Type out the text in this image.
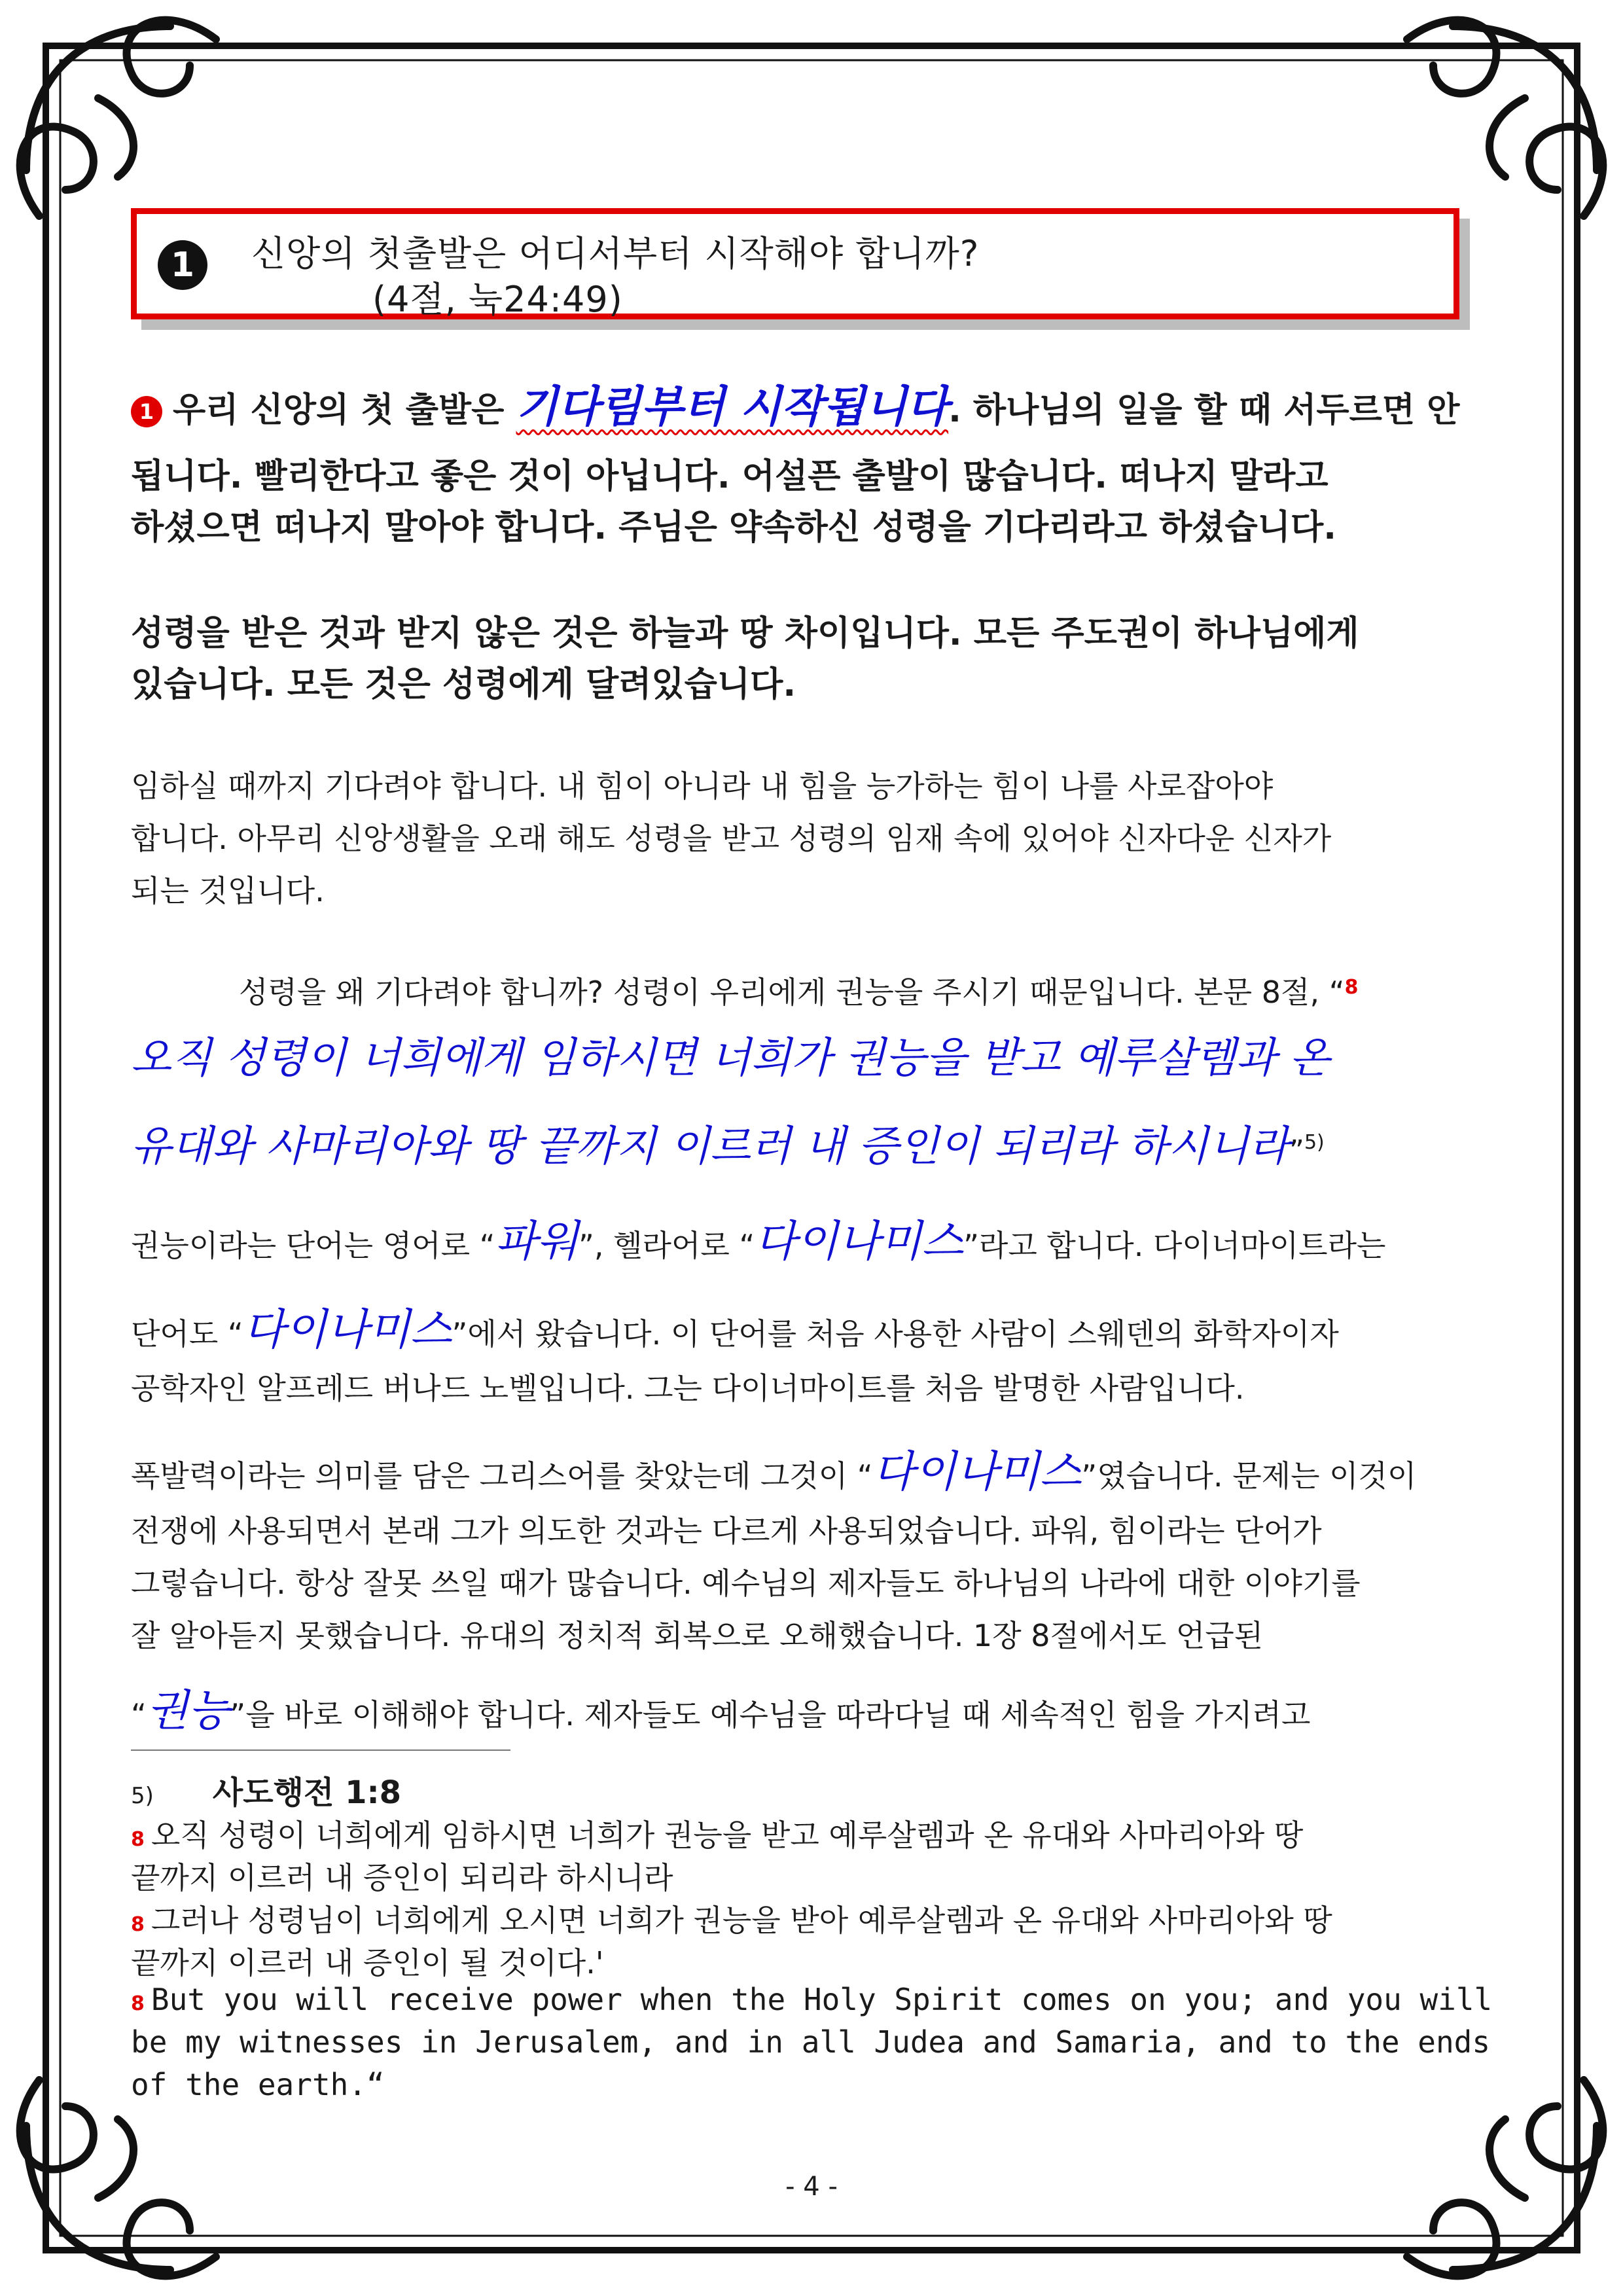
1	신앙의 첫출발은 어디서부터 시작해야 합니까?
(4절, 눅24:49)
1 우리 신앙의 첫 출발은 기다림부터 시작됩니다. 하나님의 일을 할 때 서두르면 안
됩니다. 빨리한다고 좋은 것이 아닙니다. 어설픈 출발이 많습니다. 떠나지 말라고
하셨으면 떠나지 말아야 합니다. 주님은 약속하신 성령을 기다리라고 하셨습니다.
성령을 받은 것과 받지 않은 것은 하늘과 땅 차이입니다. 모든 주도권이 하나님에게
있습니다. 모든 것은 성령에게 달려있습니다.
임하실 때까지 기다려야 합니다. 내 힘이 아니라 내 힘을 능가하는 힘이 나를 사로잡아야
합니다. 아무리 신앙생활을 오래 해도 성령을 받고 성령의 임재 속에 있어야 신자다운 신자가
되는 것입니다.
성령을 왜 기다려야 합니까? 성령이 우리에게 권능을 주시기 때문입니다. 본문 8절, “$^8$
오직 성령이 너희에게 임하시면 너희가 권능을 받고 예루살렘과 온
유대와 사마리아와 땅 끝까지 이르러 내 증인이 되리라 하시니라”$^{5)}$
권능이라는 단어는 영어로 “파워”, 헬라어로 “다이나미스”라고 합니다. 다이너마이트라는
단어도 “다이나미스”에서 왔습니다. 이 단어를 처음 사용한 사람이 스웨덴의 화학자이자
공학자인 알프레드 버나드 노벨입니다. 그는 다이너마이트를 처음 발명한 사람입니다.
폭발력이라는 의미를 담은 그리스어를 찾았는데 그것이 “다이나미스”였습니다. 문제는 이것이
전쟁에 사용되면서 본래 그가 의도한 것과는 다르게 사용되었습니다. 파워, 힘이라는 단어가
그렇습니다. 항상 잘못 쓰일 때가 많습니다. 예수님의 제자들도 하나님의 나라에 대한 이야기를
잘 알아듣지 못했습니다. 유대의 정치적 회복으로 오해했습니다. 1장 8절에서도 언급된
“권능”을 바로 이해해야 합니다. 제자들도 예수님을 따라다닐 때 세속적인 힘을 가지려고
5) 사도행전 1:8
8 오직 성령이 너희에게 임하시면 너희가 권능을 받고 예루살렘과 온 유대와 사마리아와 땅
끝까지 이르러 내 증인이 되리라 하시니라
8 그러나 성령님이 너희에게 오시면 너희가 권능을 받아 예루살렘과 온 유대와 사마리아와 땅
끝까지 이르러 내 증인이 될 것이다.'
8 But you will receive power when the Holy Spirit comes on you; and you will
be my witnesses in Jerusalem, and in all Judea and Samaria, and to the ends
of the earth.“
- 4 -
